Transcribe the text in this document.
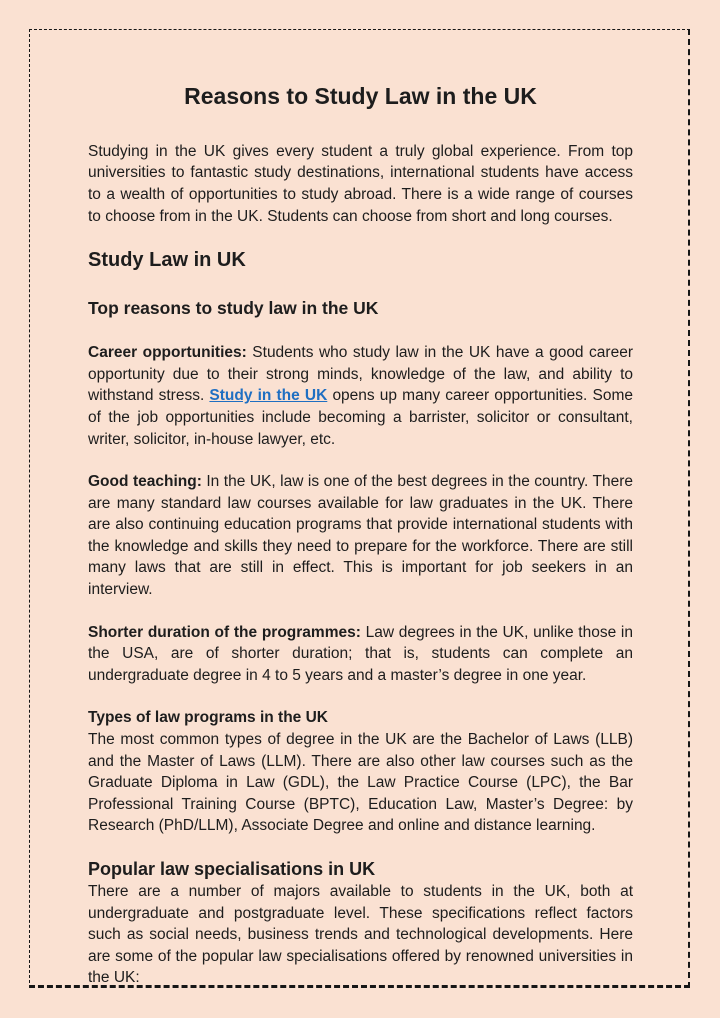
Reasons to Study Law in the UK

Studying in the UK gives every student a truly global experience. From top universities to fantastic study destinations, international students have access to a wealth of opportunities to study abroad. There is a wide range of courses to choose from in the UK. Students can choose from short and long courses.

Study Law in UK
Top reasons to study law in the UK

Career opportunities: Students who study law in the UK have a good career opportunity due to their strong minds, knowledge of the law, and ability to withstand stress. Study in the UK opens up many career opportunities. Some of the job opportunities include becoming a barrister, solicitor or consultant, writer, solicitor, in-house lawyer, etc.

Good teaching: In the UK, law is one of the best degrees in the country. There are many standard law courses available for law graduates in the UK. There are also continuing education programs that provide international students with the knowledge and skills they need to prepare for the workforce. There are still many laws that are still in effect. This is important for job seekers in an interview.

Shorter duration of the programmes: Law degrees in the UK, unlike those in the USA, are of shorter duration; that is, students can complete an undergraduate degree in 4 to 5 years and a master’s degree in one year.

Types of law programs in the UK

The most common types of degree in the UK are the Bachelor of Laws (LLB) and the Master of Laws (LLM). There are also other law courses such as the Graduate Diploma in Law (GDL), the Law Practice Course (LPC), the Bar Professional Training Course (BPTC), Education Law, Master’s Degree: by Research (PhD/LLM), Associate Degree and online and distance learning.

Popular law specialisations in UK

There are a number of majors available to students in the UK, both at undergraduate and postgraduate level. These specifications reflect factors such as social needs, business trends and technological developments. Here are some of the popular law specialisations offered by renowned universities in the UK:
